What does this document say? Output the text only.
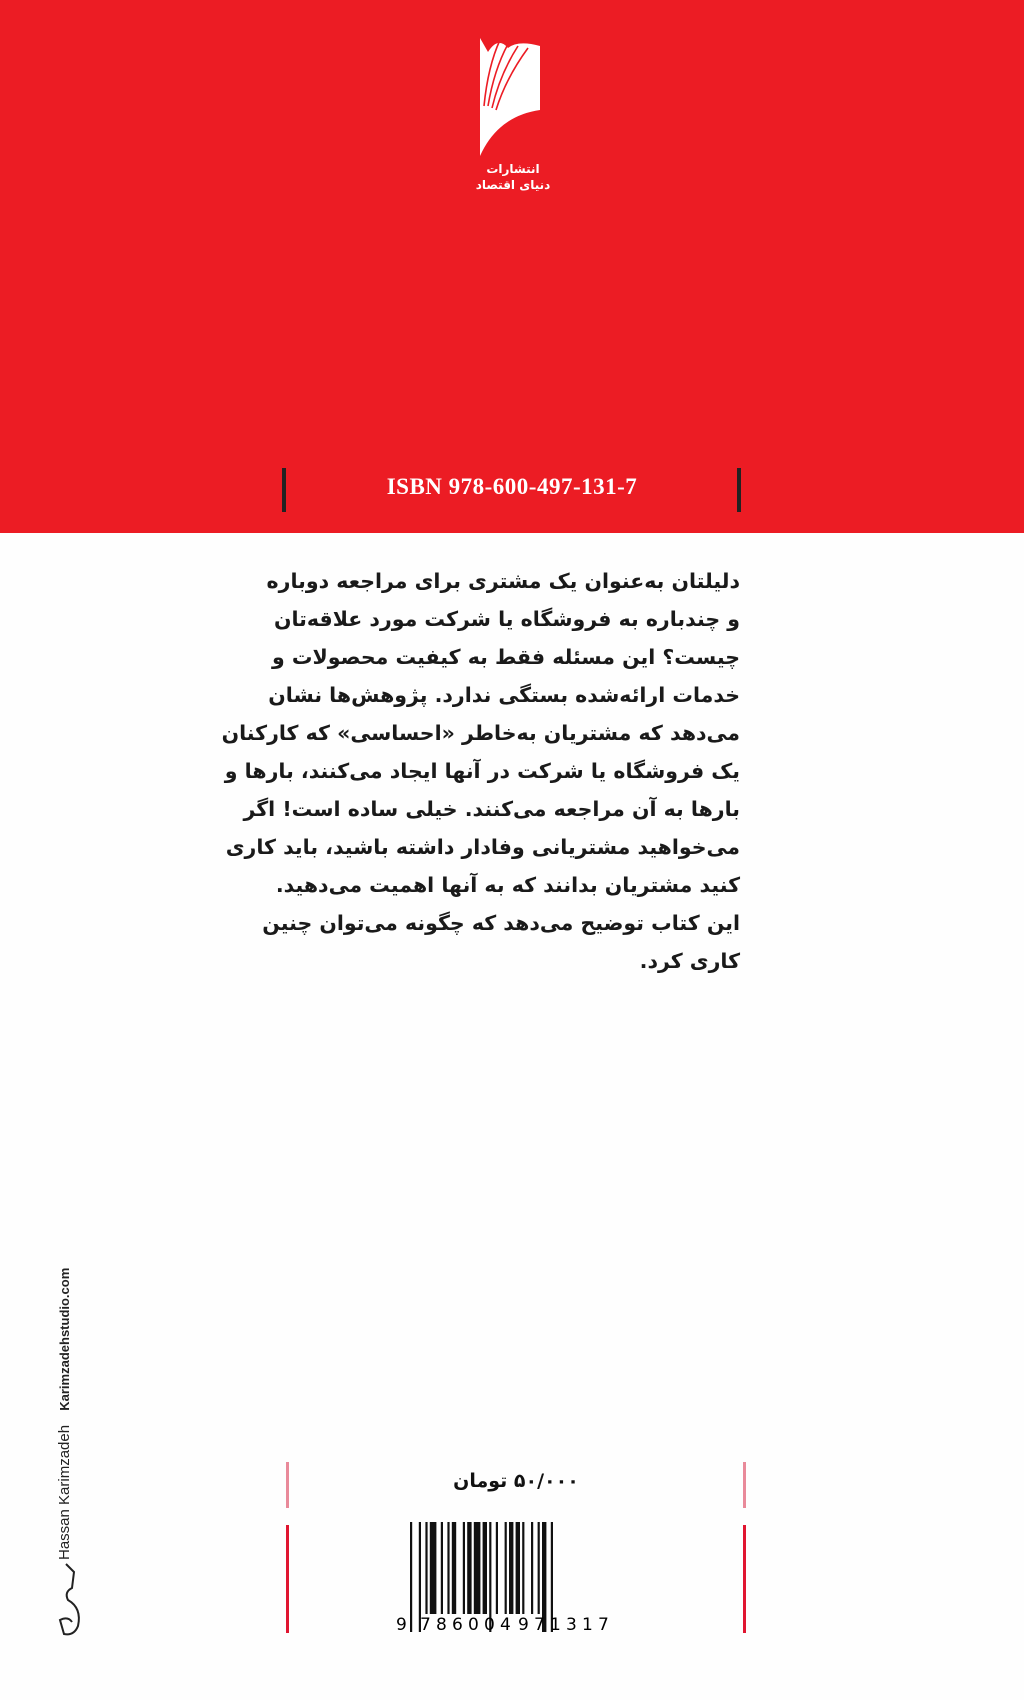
انتشارات
دنیای اقتصاد
ISBN 978-600-497-131-7
دلیلتان به‌عنوان یک مشتری برای مراجعه دوباره
و چندباره به فروشگاه یا شرکت مورد علاقه‌تان
چیست؟ این مسئله فقط به کیفیت محصولات و
خدمات ارائه‌شده بستگی ندارد. پژوهش‌ها نشان
می‌دهد که مشتریان به‌خاطر «احساسی» که کارکنان
یک فروشگاه یا شرکت در آنها ایجاد می‌کنند، بارها و
بارها به آن مراجعه می‌کنند. خیلی ساده است! اگر
می‌خواهید مشتریانی وفادار داشته باشید، باید کاری
کنید مشتریان بدانند که به آنها اهمیت می‌دهید.
این کتاب توضیح می‌دهد که چگونه می‌توان چنین
کاری کرد.
۵۰/۰۰۰ تومان
9 7 8 6 0 0 4 9 7 1 3 1 7
Hassan Karimzadeh Karimzadehstudio.com
